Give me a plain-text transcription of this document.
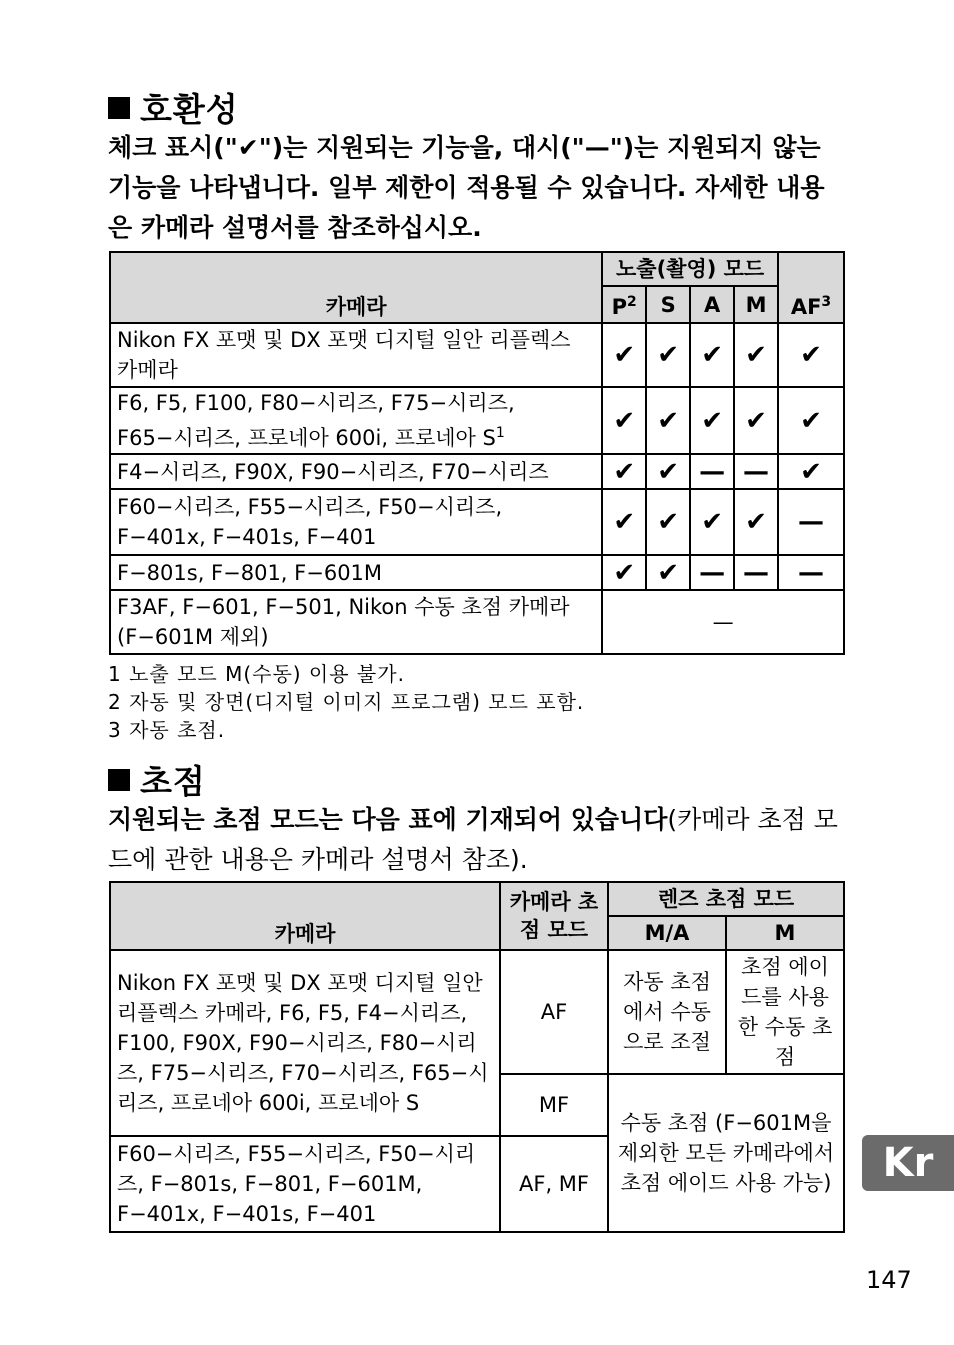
호환성
체크 표시("✔")는 지원되는 기능을, 대시("—")는 지원되지 않는 기능을 나타냅니다. 일부 제한이 적용될 수 있습니다. 자세한 내용은 카메라 설명서를 참조하십시오.
카메라	노출(촬영) 모드				$AF^3$
	$P^2$	S	A	M	
Nikon FX 포맷 및 DX 포맷 디지털 일안 리플렉스 카메라	✔	✔	✔	✔	✔
F6, F5, F100, F80−시리즈, F75−시리즈, F65−시리즈, 프로네아 600i, 프로네아 $S^1$	✔	✔	✔	✔	✔
F4−시리즈, F90X, F90−시리즈, F70−시리즈	✔	✔	—	—	✔
F60−시리즈, F55−시리즈, F50−시리즈, F−401x, F−401s, F−401	✔	✔	✔	✔	—
F−801s, F−801, F−601M	✔	✔	—	—	—
F3AF, F−601, F−501, Nikon 수동 초점 카메라(F−601M 제외)	—				
1 노출 모드 M(수동) 이용 불가.
2 자동 및 장면(디지털 이미지 프로그램) 모드 포함.
3 자동 초점.
초점
지원되는 초점 모드는 다음 표에 기재되어 있습니다(카메라 초점 모드에 관한 내용은 카메라 설명서 참조).
카메라	카메라 초점 모드	렌즈 초점 모드	
		M/A	M
Nikon FX 포맷 및 DX 포맷 디지털 일안 리플렉스 카메라, F6, F5, F4−시리즈, F100, F90X, F90−시리즈, F80−시리즈, F75−시리즈, F70−시리즈, F65−시리즈, 프로네아 600i, 프로네아 S	AF	자동 초점에서 수동으로 조절	초점 에이드를 사용한 수동 초점
	MF	수동 초점 (F−601M을 제외한 모든 카메라에서 초점 에이드 사용 가능)	
F60−시리즈, F55−시리즈, F50−시리즈, F−801s, F−801, F−601M, F−401x, F−401s, F−401	AF, MF			Kr
147
